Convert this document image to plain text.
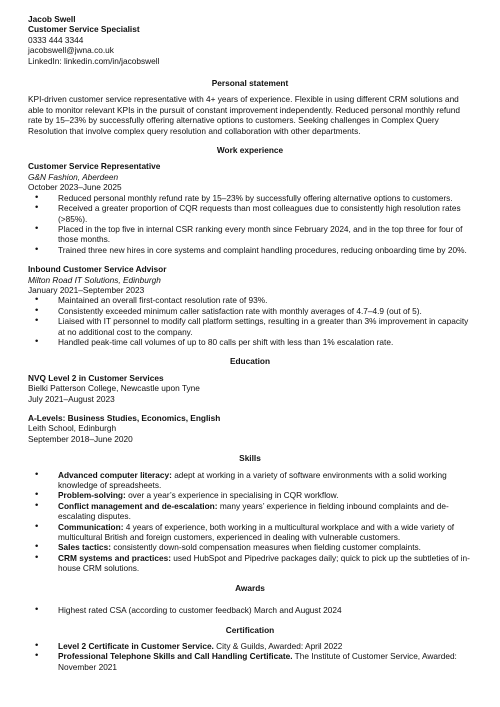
Jacob Swell
Customer Service Specialist
0333 444 3344
jacobswell@jwna.co.uk
LinkedIn: linkedin.com/in/jacobswell
Personal statement
KPI-driven customer service representative with 4+ years of experience. Flexible in using different CRM solutions and able to monitor relevant KPIs in the pursuit of constant improvement independently. Reduced personal monthly refund rate by 15–23% by successfully offering alternative options to customers. Seeking challenges in Complex Query Resolution that involve complex query resolution and collaboration with other departments.
Work experience
Customer Service Representative
G&N Fashion, Aberdeen
October 2023–June 2025
• Reduced personal monthly refund rate by 15–23% by successfully offering alternative options to customers.
• Received a greater proportion of CQR requests than most colleagues due to consistently high resolution rates (>85%).
• Placed in the top five in internal CSR ranking every month since February 2024, and in the top three for four of those months.
• Trained three new hires in core systems and complaint handling procedures, reducing onboarding time by 20%.
Inbound Customer Service Advisor
Milton Road IT Solutions, Edinburgh
January 2021–September 2023
• Maintained an overall first-contact resolution rate of 93%.
• Consistently exceeded minimum caller satisfaction rate with monthly averages of 4.7–4.9 (out of 5).
• Liaised with IT personnel to modify call platform settings, resulting in a greater than 3% improvement in capacity at no additional cost to the company.
• Handled peak-time call volumes of up to 80 calls per shift with less than 1% escalation rate.
Education
NVQ Level 2 in Customer Services
Bielki Patterson College, Newcastle upon Tyne
July 2021–August 2023
A-Levels: Business Studies, Economics, English
Leith School, Edinburgh
September 2018–June 2020
Skills
• Advanced computer literacy: adept at working in a variety of software environments with a solid working knowledge of spreadsheets.
• Problem-solving: over a year’s experience in specialising in CQR workflow.
• Conflict management and de-escalation: many years’ experience in fielding inbound complaints and de-escalating disputes.
• Communication: 4 years of experience, both working in a multicultural workplace and with a wide variety of multicultural British and foreign customers, experienced in dealing with vulnerable customers.
• Sales tactics: consistently down-sold compensation measures when fielding customer complaints.
• CRM systems and practices: used HubSpot and Pipedrive packages daily; quick to pick up the subtleties of in-house CRM solutions.
Awards
• Highest rated CSA (according to customer feedback) March and August 2024
Certification
• Level 2 Certificate in Customer Service. City & Guilds, Awarded: April 2022
• Professional Telephone Skills and Call Handling Certificate. The Institute of Customer Service, Awarded: November 2021
